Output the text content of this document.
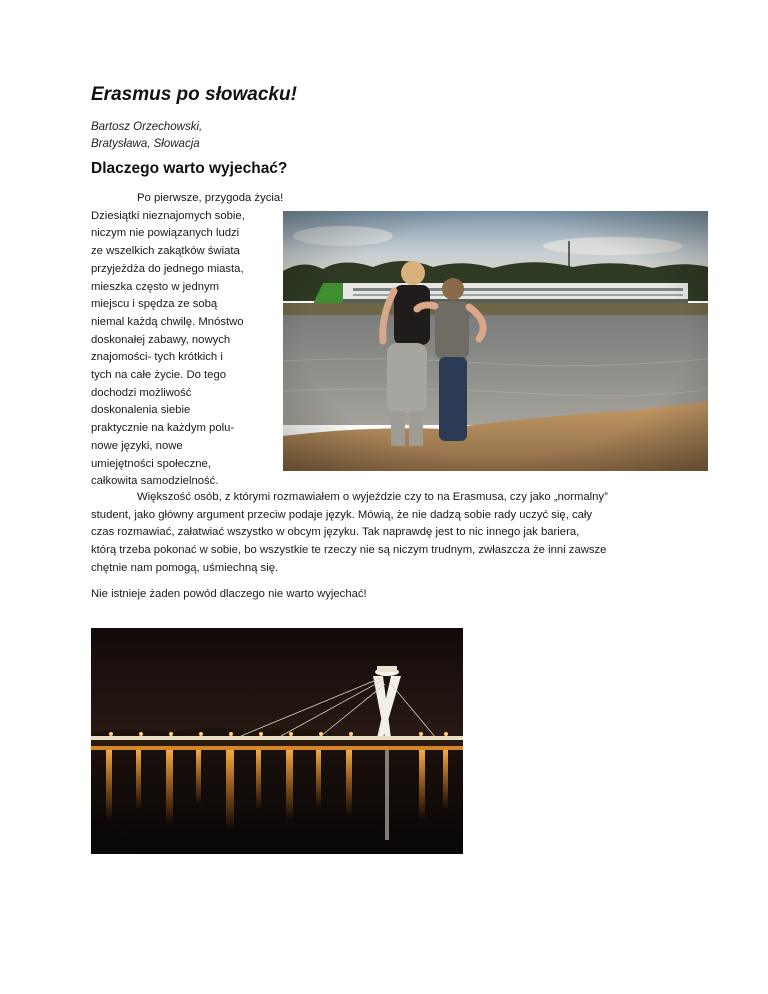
Erasmus po słowacku!
Bartosz Orzechowski,
Bratysława, Słowacja
Dlaczego warto wyjechać?
Po pierwsze, przygoda życia!
Dziesiątki nieznajomych sobie,
niczym nie powiązanych ludzi
ze wszelkich zakątków świata
przyjeżdża do jednego miasta,
mieszka często w jednym
miejscu i spędza ze sobą
niemal każdą chwilę. Mnóstwo
doskonałej zabawy, nowych
znajomości- tych krótkich i
tych na całe życie. Do tego
dochodzi możliwość
doskonalenia siebie
praktycznie na każdym polu-
nowe języki, nowe
umiejętności społeczne,
całkowita samodzielność.
Większość osób, z którymi rozmawiałem o wyjeździe czy to na Erasmusa, czy jako „normalny”
student, jako główny argument przeciw podaje język. Mówią, że nie dadzą sobie rady uczyć się, cały
czas rozmawiać, załatwiać wszystko w obcym języku. Tak naprawdę jest to nic innego jak bariera,
którą trzeba pokonać w sobie, bo wszystkie te rzeczy nie są niczym trudnym, zwłaszcza że inni zawsze
chętnie nam pomogą, uśmiechną się.
Nie istnieje żaden powód dlaczego nie warto wyjechać!
